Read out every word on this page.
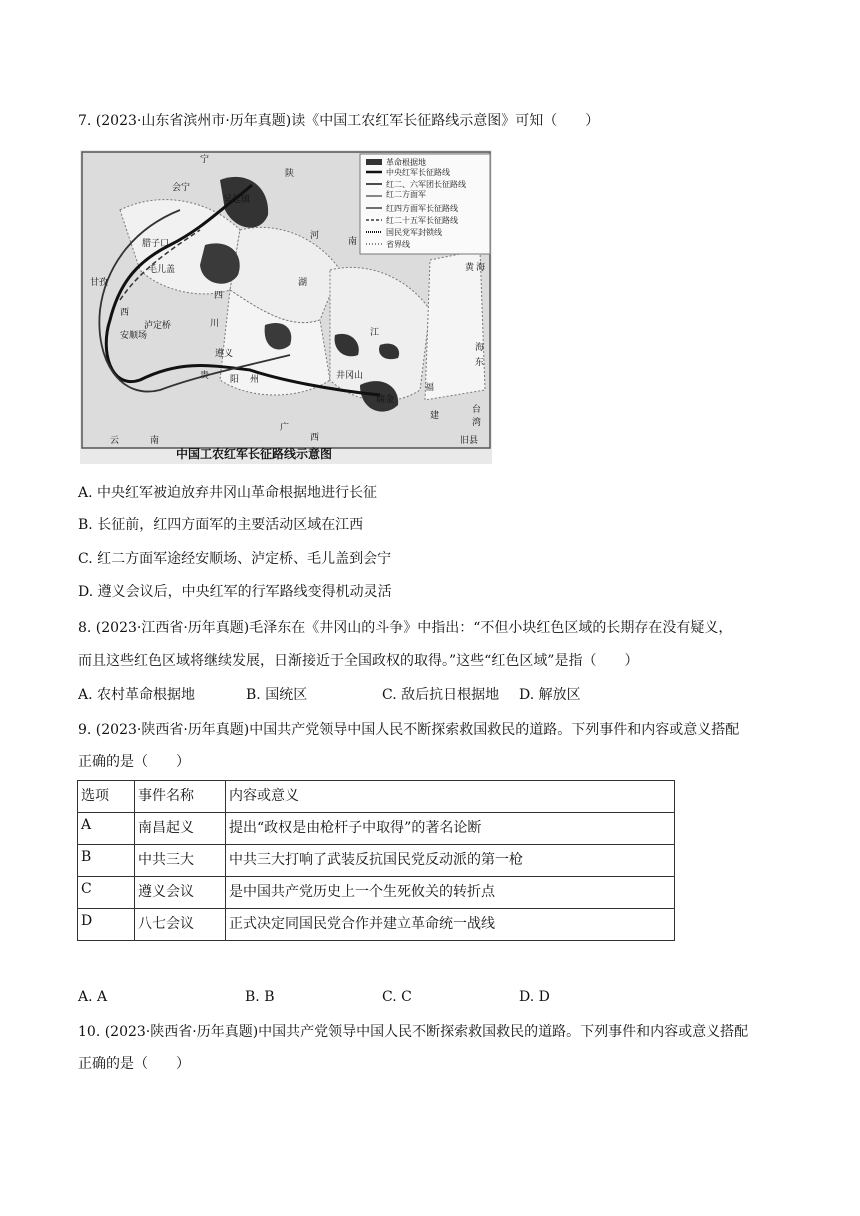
7. (2023·山东省滨州市·历年真题)读《中国工农红军长征路线示意图》可知（　　）
革命根据地
中央红军长征路线
红二、六军团长征路线
红二方面军
红四方面军长征路线
红二十五军长征路线
国民党军封锁线
省界线
宁
吴起镇
会宁
陕
腊子口
毛儿盖
甘孜
西
泸定桥
安顺场
四
川
河
南
湖
遵义
贵 阳 州
江
福
建
瑞金
井冈山
台
湾
旧县
云	南
广
西
黄 海
海
东
中国工农红军长征路线示意图
A. 中央红军被迫放弃井冈山革命根据地进行长征
B. 长征前，红四方面军的主要活动区域在江西
C. 红二方面军途经安顺场、泸定桥、毛儿盖到会宁
D. 遵义会议后，中央红军的行军路线变得机动灵活
8. (2023·江西省·历年真题)毛泽东在《井冈山的斗争》中指出：“不但小块红色区域的长期存在没有疑义，
而且这些红色区域将继续发展，日渐接近于全国政权的取得。”这些“红色区域”是指（　　）
A. 农村革命根据地	B. 国统区	C. 敌后抗日根据地 D. 解放区
9. (2023·陕西省·历年真题)中国共产党领导中国人民不断探索救国救民的道路。下列事件和内容或意义搭配
正确的是（　　）
选项	事件名称	内容或意义
A	南昌起义	提出“政权是由枪杆子中取得”的著名论断
B	中共三大	中共三大打响了武装反抗国民党反动派的第一枪
C	遵义会议	是中国共产党历史上一个生死攸关的转折点
D	八七会议	正式决定同国民党合作并建立革命统一战线
A. A	B. B	C. C	D. D
10. (2023·陕西省·历年真题)中国共产党领导中国人民不断探索救国救民的道路。下列事件和内容或意义搭配
正确的是（　　）
